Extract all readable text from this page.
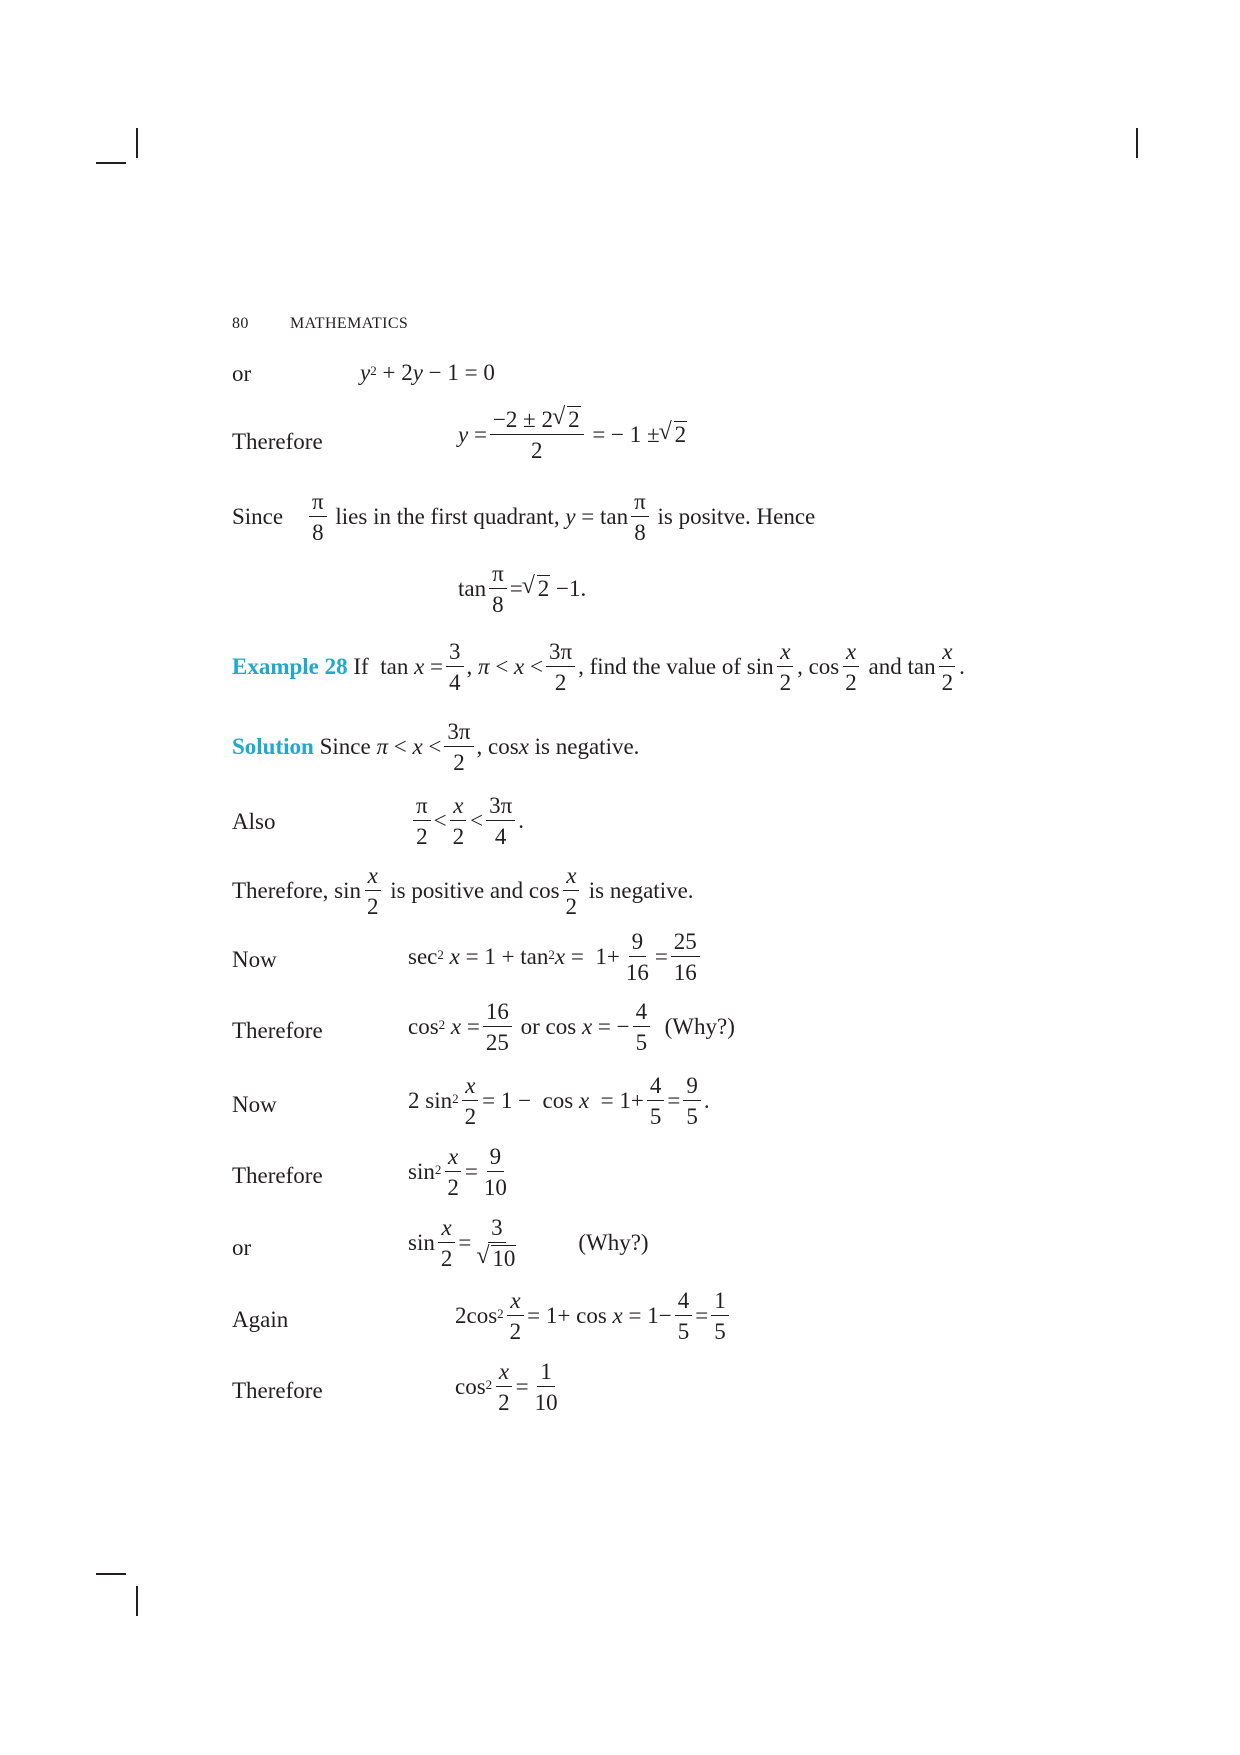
80	MATHEMATICS
or	y 2 + 2 y − 1 = 0
Therefore	$y = \frac{-2 \pm 2 √ 2}{2}$ = − 1 ± √ 2
Since $\frac{\pi}{8}$
lies in the first quadrant,
$y = \tan \frac{\pi}{8}$
is positve. Hence
$\tan \frac{\pi}{8}$ = √ 2 −1.
Example 28
If $\tan x = \frac{3}{4}$ , $\pi < x < \frac{3\pi}{2}$ , find the value of $\sin \frac{x}{2}$ , $\cos \frac{x}{2}$
and $\tan \frac{x}{2}$ .
Solution
Since
$\pi < x < \frac{3\pi}{2}$ , cos x
is negative.
Also	$\frac{\pi}{2} < \frac{x}{2} < \frac{3\pi}{4}$ .
Therefore, $\sin \frac{x}{2}$
is positive and $\cos \frac{x}{2}$
is negative.
Now	sec 2
x = 1 + tan 2 $x = 1+ \frac{9}{16} = \frac{25}{16}$
Therefore	cos 2
$x = \frac{16}{25}$
or cos
x = − $\frac{4}{5}$
(Why?)
Now	2 $\sin 2 \frac{x}{2} = 1 - \cos x = 1+ \frac{4}{5} = \frac{9}{5}$ .
Therefore	$\sin 2 \frac{x}{2} = \frac{9}{10}$
or	$\sin \frac{x}{2} = 3$
√ 10	(Why?)
Again	2cos $2 \frac{x}{2} = 1+ \cos x = 1- \frac{4}{5} = \frac{1}{5}$
Therefore	$\cos 2 \frac{x}{2} = \frac{1}{10}$
